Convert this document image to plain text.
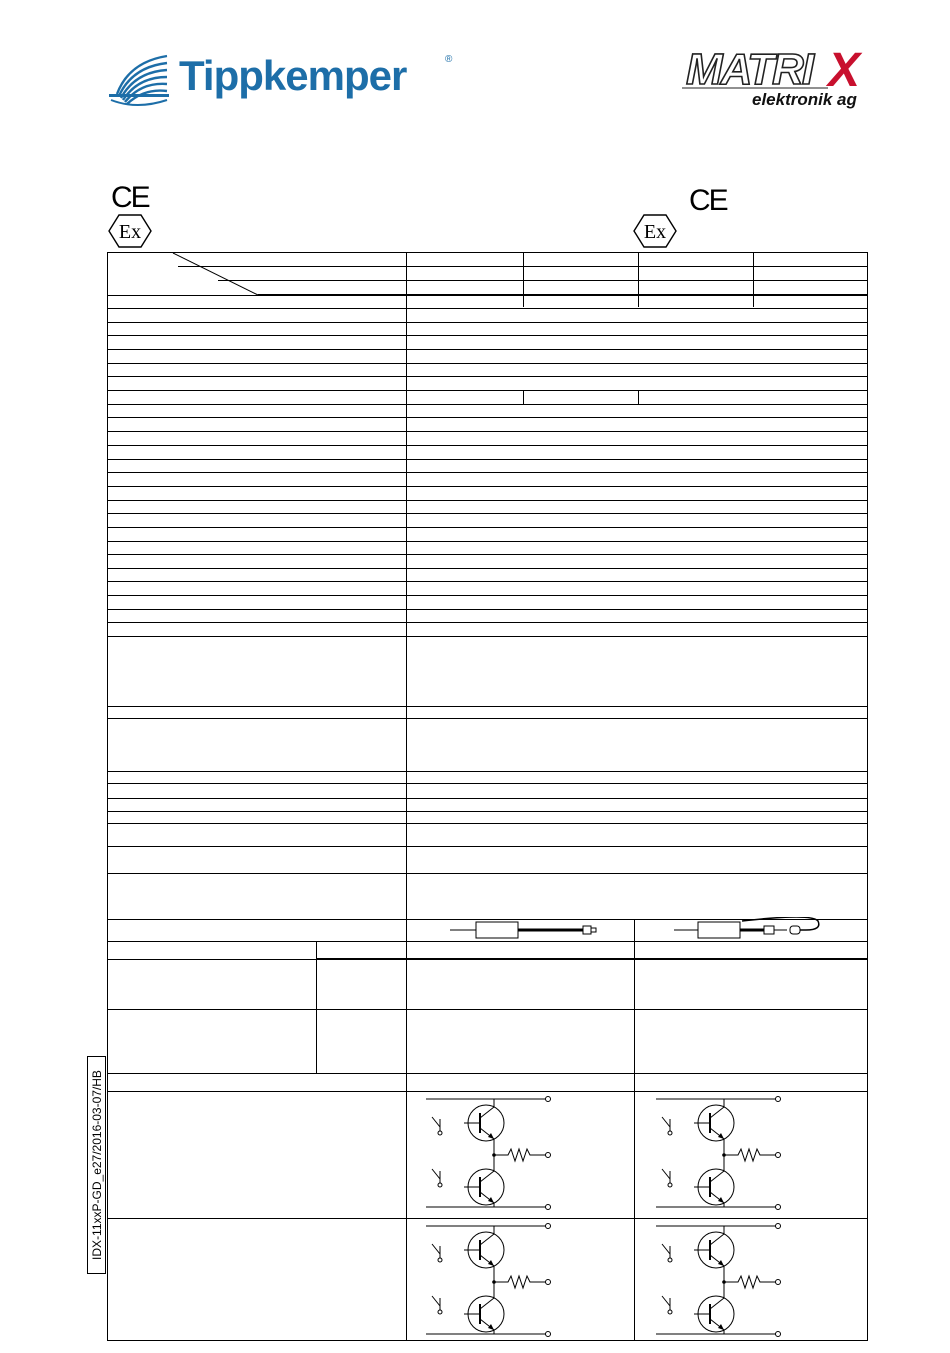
Tippkemper	®	MATRI X
elektronik ag
CE	CE
Ex	Ex
IDX-11xxP-GD_e27/2016-03-07/HB
